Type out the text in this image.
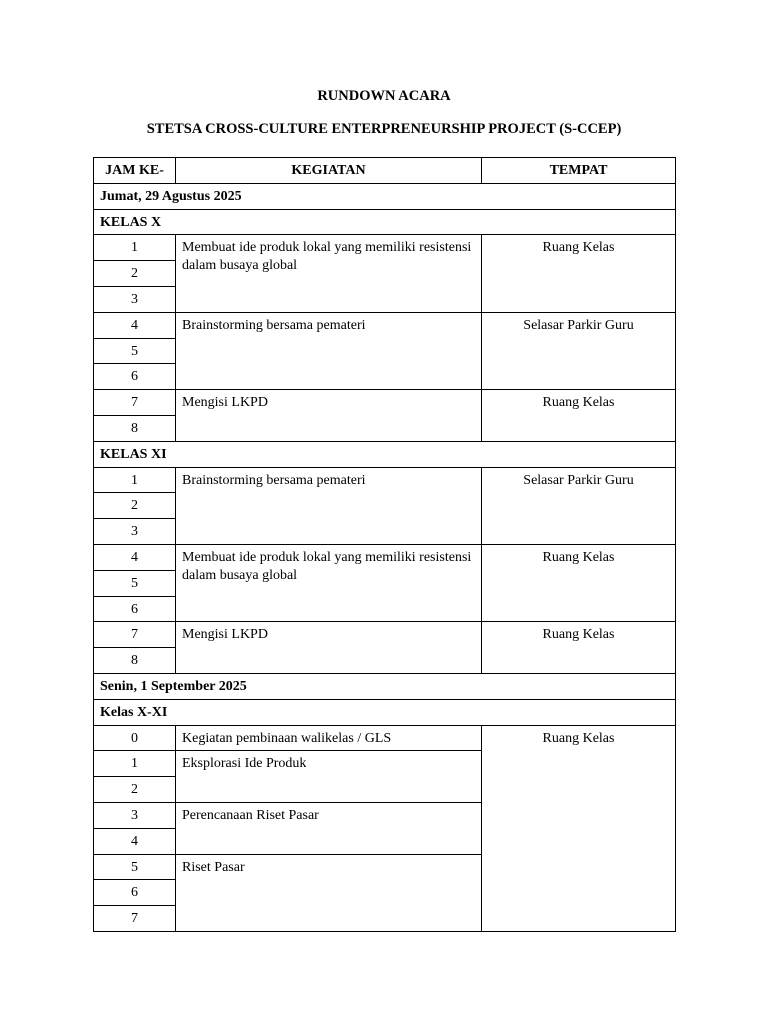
RUNDOWN ACARA
STETSA CROSS-CULTURE ENTERPRENEURSHIP PROJECT (S-CCEP)
JAM KE-	KEGIATAN	TEMPAT
Jumat, 29 Agustus 2025		
KELAS X		
1	Membuat ide produk lokal yang memiliki resistensi dalam busaya global	Ruang Kelas
2		
3		
4	Brainstorming bersama pemateri	Selasar Parkir Guru
5		
6		
7	Mengisi LKPD	Ruang Kelas
8		
KELAS XI		
1	Brainstorming bersama pemateri	Selasar Parkir Guru
2		
3		
4	Membuat ide produk lokal yang memiliki resistensi dalam busaya global	Ruang Kelas
5		
6		
7	Mengisi LKPD	Ruang Kelas
8		
Senin, 1 September 2025		
Kelas X-XI		
0	Kegiatan pembinaan walikelas / GLS	Ruang Kelas
1	Eksplorasi Ide Produk	
2		
3	Perencanaan Riset Pasar	
4		
5	Riset Pasar	
6		
7		
